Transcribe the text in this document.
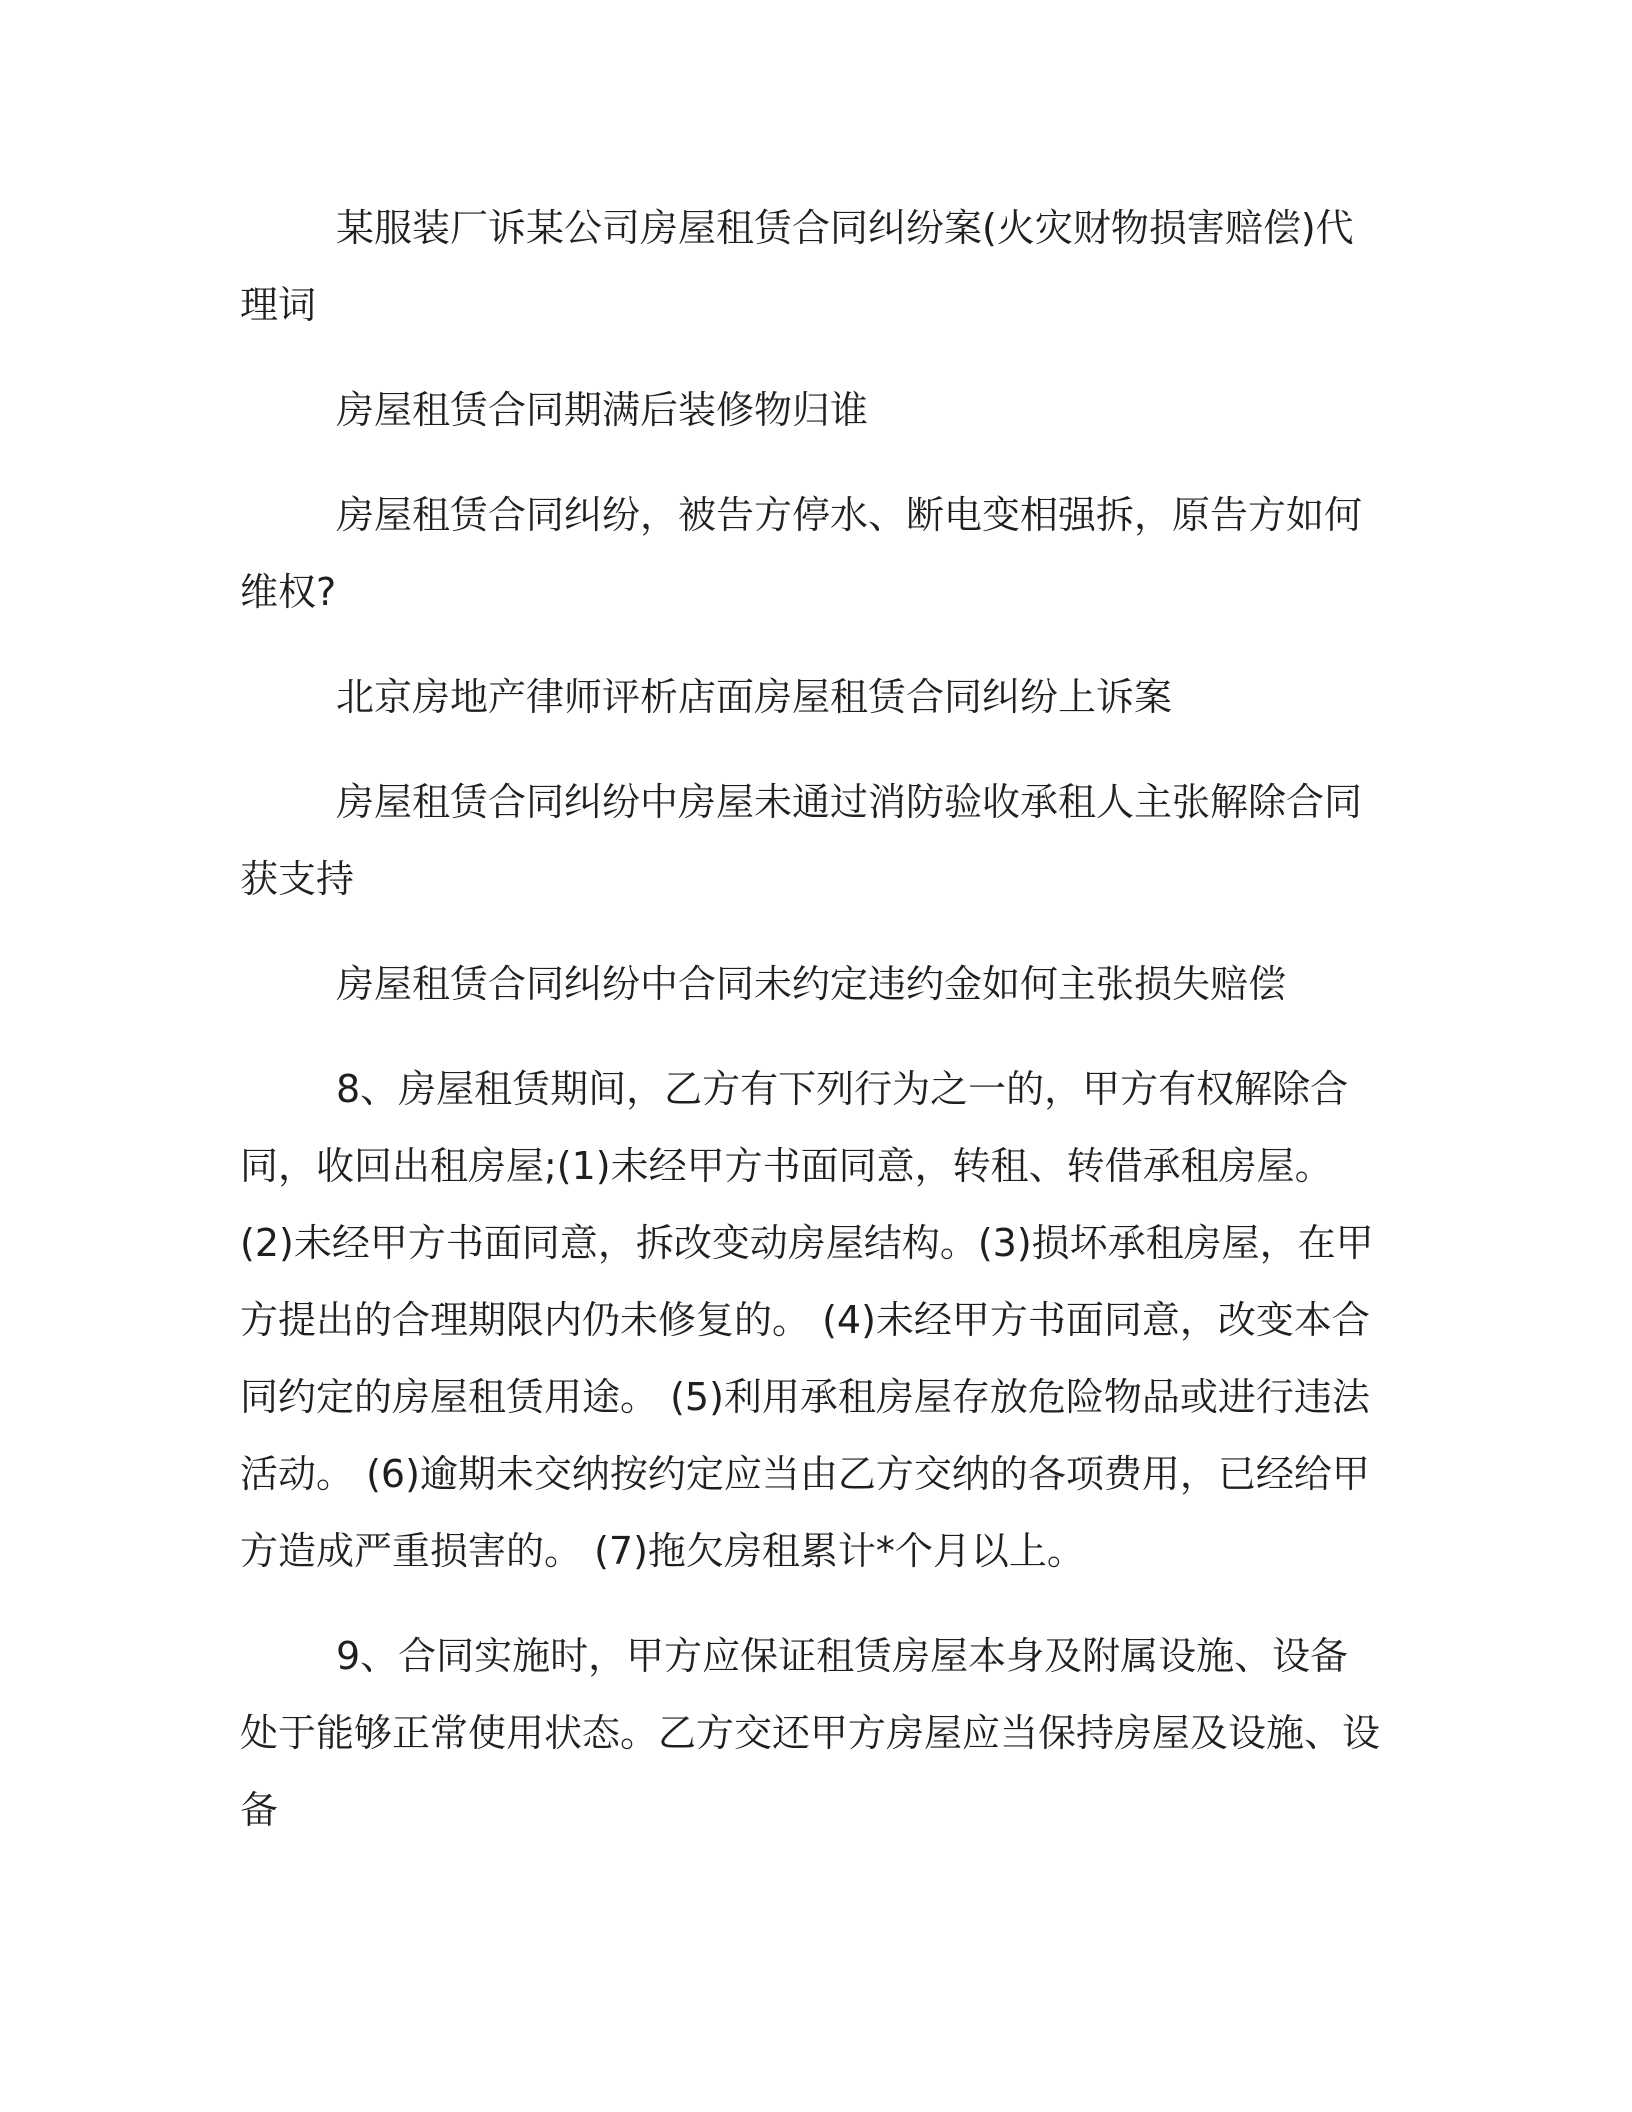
某服装厂诉某公司房屋租赁合同纠纷案(火灾财物损害赔偿)代理词

房屋租赁合同期满后装修物归谁

房屋租赁合同纠纷，被告方停水、断电变相强拆，原告方如何维权?

北京房地产律师评析店面房屋租赁合同纠纷上诉案

房屋租赁合同纠纷中房屋未通过消防验收承租人主张解除合同获支持

房屋租赁合同纠纷中合同未约定违约金如何主张损失赔偿

8、房屋租赁期间，乙方有下列行为之一的，甲方有权解除合同，收回出租房屋;(1)未经甲方书面同意，转租、转借承租房屋。(2)未经甲方书面同意，拆改变动房屋结构。(3)损坏承租房屋，在甲方提出的合理期限内仍未修复的。 (4)未经甲方书面同意，改变本合同约定的房屋租赁用途。 (5)利用承租房屋存放危险物品或进行违法活动。 (6)逾期未交纳按约定应当由乙方交纳的各项费用，已经给甲方造成严重损害的。 (7)拖欠房租累计*个月以上。

9、合同实施时，甲方应保证租赁房屋本身及附属设施、设备处于能够正常使用状态。乙方交还甲方房屋应当保持房屋及设施、设备
